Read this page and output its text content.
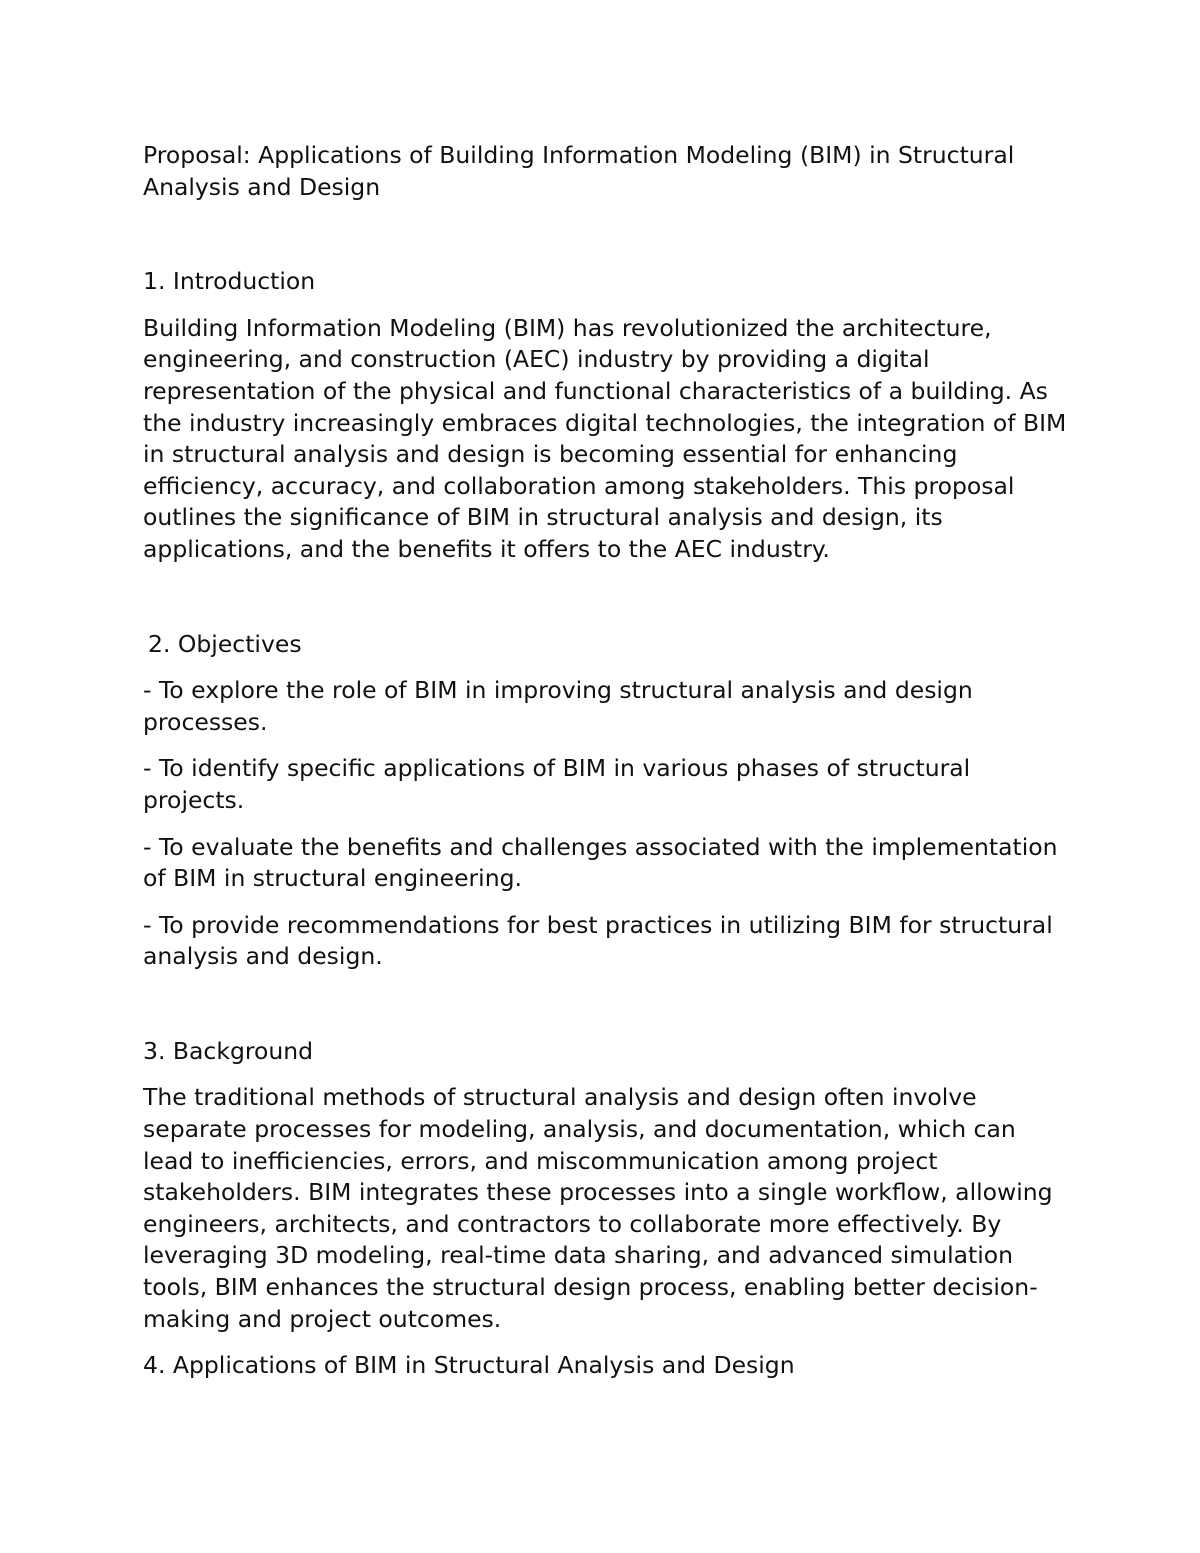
Proposal: Applications of Building Information Modeling (BIM) in Structural Analysis and Design

1. Introduction

Building Information Modeling (BIM) has revolutionized the architecture, engineering, and construction (AEC) industry by providing a digital representation of the physical and functional characteristics of a building. As the industry increasingly embraces digital technologies, the integration of BIM in structural analysis and design is becoming essential for enhancing efficiency, accuracy, and collaboration among stakeholders. This proposal outlines the significance of BIM in structural analysis and design, its applications, and the benefits it offers to the AEC industry.

2. Objectives

- To explore the role of BIM in improving structural analysis and design processes.

- To identify specific applications of BIM in various phases of structural projects.

- To evaluate the benefits and challenges associated with the implementation of BIM in structural engineering.

- To provide recommendations for best practices in utilizing BIM for structural analysis and design.

3. Background

The traditional methods of structural analysis and design often involve separate processes for modeling, analysis, and documentation, which can lead to inefficiencies, errors, and miscommunication among project stakeholders. BIM integrates these processes into a single workflow, allowing engineers, architects, and contractors to collaborate more effectively. By leveraging 3D modeling, real-time data sharing, and advanced simulation tools, BIM enhances the structural design process, enabling better decision-making and project outcomes.

4. Applications of BIM in Structural Analysis and Design
